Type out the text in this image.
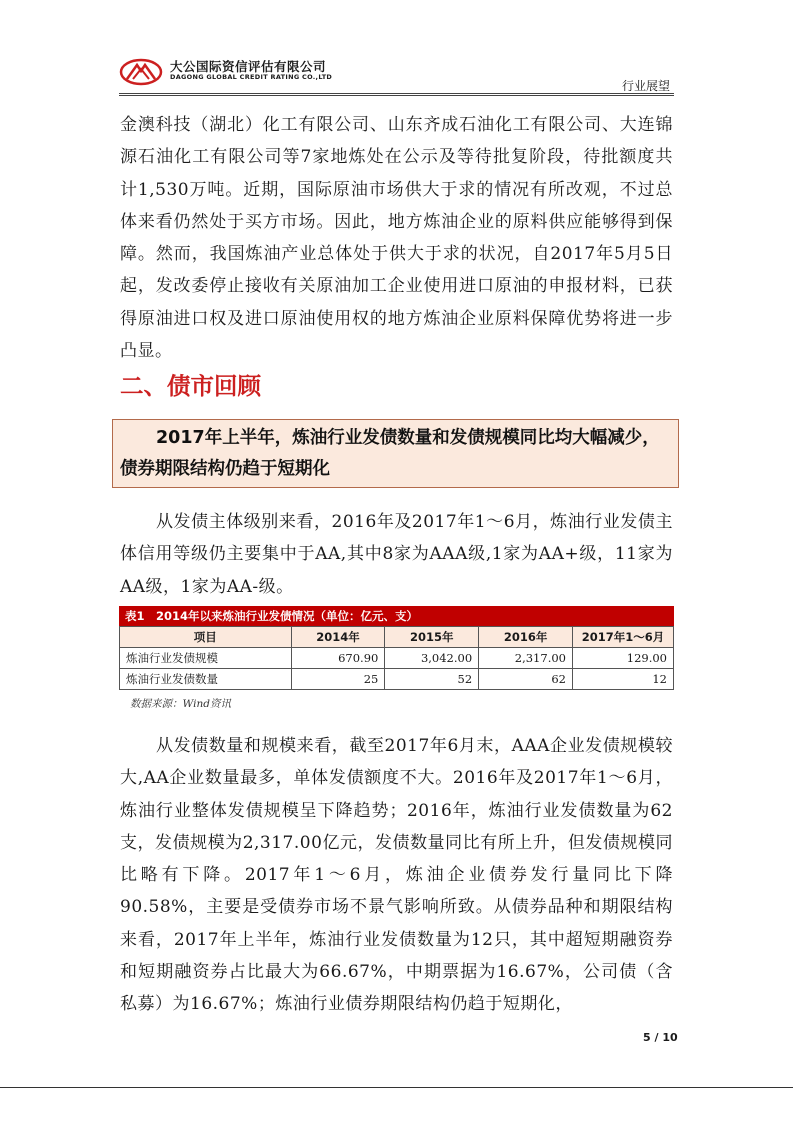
大公国际资信评估有限公司
DAGONG GLOBAL CREDIT RATING CO.,LTD
行业展望
金澳科技（湖北）化工有限公司、山东齐成石油化工有限公司、大连锦源石油化工有限公司等7家地炼处在公示及等待批复阶段，待批额度共计1,530万吨。近期，国际原油市场供大于求的情况有所改观，不过总体来看仍然处于买方市场。因此，地方炼油企业的原料供应能够得到保障。然而，我国炼油产业总体处于供大于求的状况，自2017年5月5日起，发改委停止接收有关原油加工企业使用进口原油的申报材料，已获得原油进口权及进口原油使用权的地方炼油企业原料保障优势将进一步凸显。
二、债市回顾
2017年上半年，炼油行业发债数量和发债规模同比均大幅减少，
债券期限结构仍趋于短期化
从发债主体级别来看，2016年及2017年1～6月，炼油行业发债主体信用等级仍主要集中于AA,其中8家为AAA级,1家为AA+级，11家为AA级，1家为AA-级。
表1　2014年以来炼油行业发债情况（单位：亿元、支）
项目	2014年	2015年	2016年	2017年1～6月
炼油行业发债规模	670.90	3,042.00	2,317.00	129.00
炼油行业发债数量	25	52	62	12
数据来源：Wind资讯
从发债数量和规模来看，截至2017年6月末，AAA企业发债规模较大,AA企业数量最多，单体发债额度不大。2016年及2017年1～6月，炼油行业整体发债规模呈下降趋势；2016年，炼油行业发债数量为62支，发债规模为2,317.00亿元，发债数量同比有所上升，但发债规模同比略有下降。2017年1～6月，炼油企业债券发行量同比下降 90.58%，主要是受债券市场不景气影响所致。从债券品种和期限结构来看，2017年上半年，炼油行业发债数量为12只，其中超短期融资券和短期融资券占比最大为66.67%，中期票据为16.67%，公司债（含私募）为16.67%；炼油行业债券期限结构仍趋于短期化，
5 / 10
